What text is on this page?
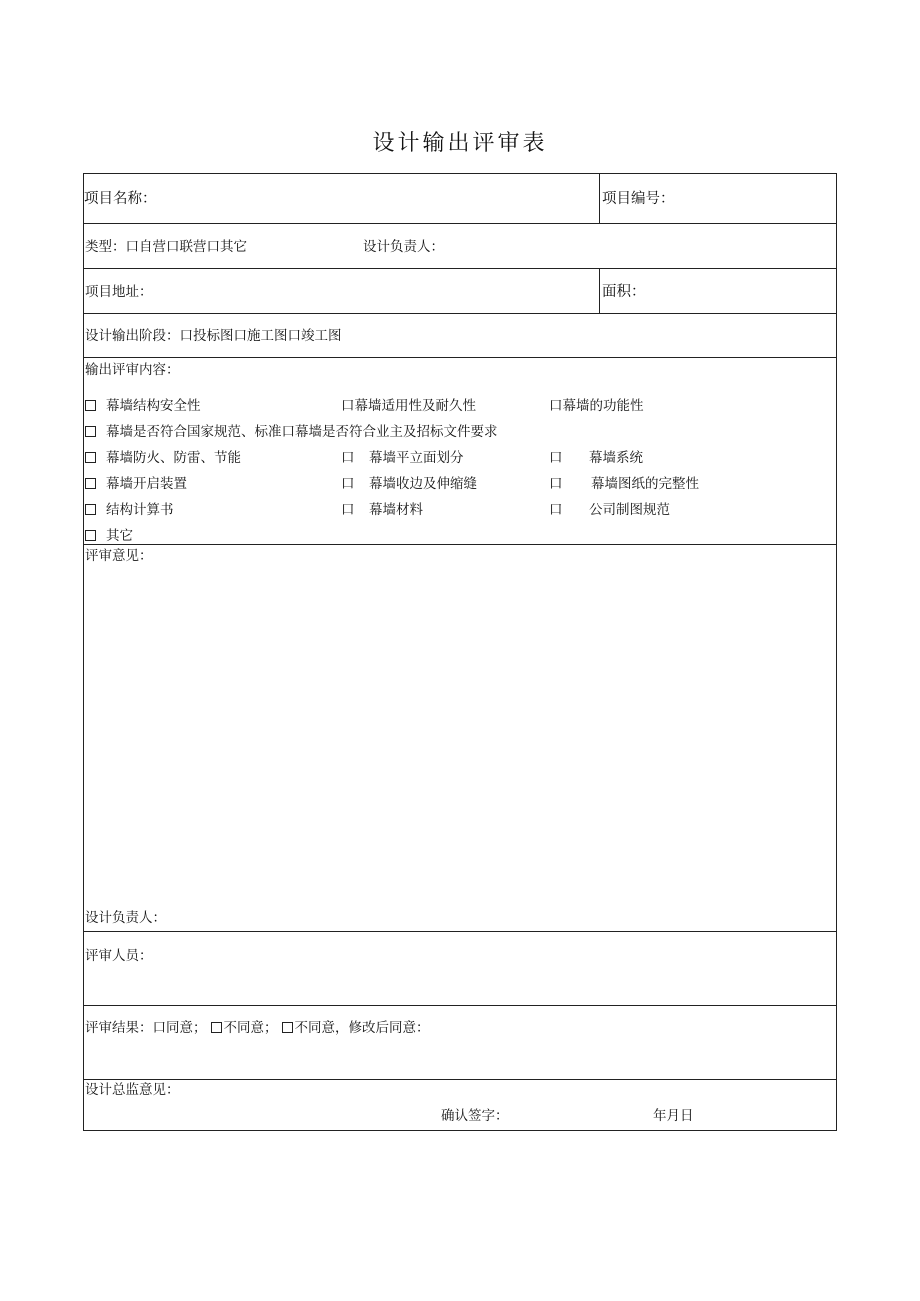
设计输出评审表
项目名称：	项目编号：
类型：口自营口联营口其它	设计负责人：
项目地址：	面积：
设计输出阶段：口投标图口施工图口竣工图
输出评审内容：
幕墙结构安全性	口幕墙适用性及耐久性	口幕墙的功能性
幕墙是否符合国家规范、标准口幕墙是否符合业主及招标文件要求
幕墙防火、防雷、节能	口 幕墙平立面划分	口 幕墙系统
幕墙开启装置	口 幕墙收边及伸缩缝	口 幕墙图纸的完整性
结构计算书	口 幕墙材料	口 公司制图规范
其它
评审意见：
设计负责人：
评审人员：
评审结果：口同意； 不同意； 不同意，修改后同意：
设计总监意见：
确认签字：	年月日
